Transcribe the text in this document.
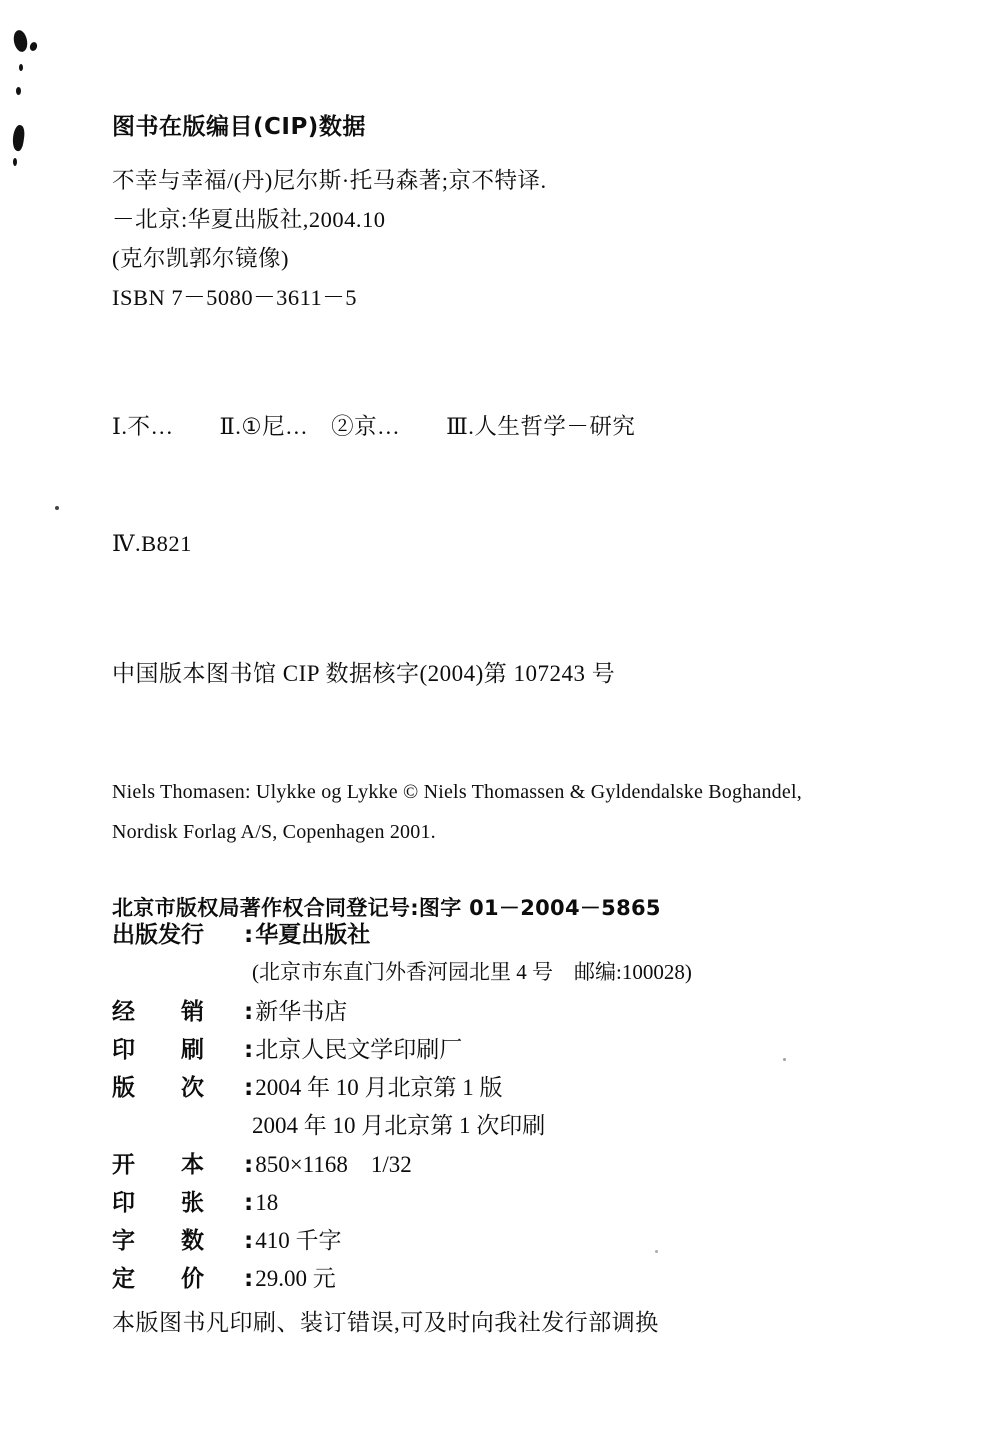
图书在版编目(CIP)数据
不幸与幸福/(丹)尼尔斯·托马森著;京不特译.
－北京:华夏出版社,2004.10
(克尔凯郭尔镜像)
ISBN 7－5080－3611－5

Ⅰ.不…　　Ⅱ.①尼…　②京…　　Ⅲ.人生哲学－研究

Ⅳ.B821

中国版本图书馆 CIP 数据核字(2004)第 107243 号
Niels Thomasen: Ulykke og Lykke © Niels Thomassen & Gyldendalske Boghandel,
Nordisk Forlag A/S, Copenhagen 2001.
北京市版权局著作权合同登记号:图字 01－2004－5865
出版发行	: 华夏出版社
(北京市东直门外香河园北里 4 号　邮编:100028)
经　　销	: 新华书店
印　　刷	: 北京人民文学印刷厂
版　　次	: 2004 年 10 月北京第 1 版
2004 年 10 月北京第 1 次印刷
开　　本	: 850×1168　1/32
印　　张	: 18
字　　数	: 410 千字
定　　价	: 29.00 元
本版图书凡印刷、装订错误,可及时向我社发行部调换
